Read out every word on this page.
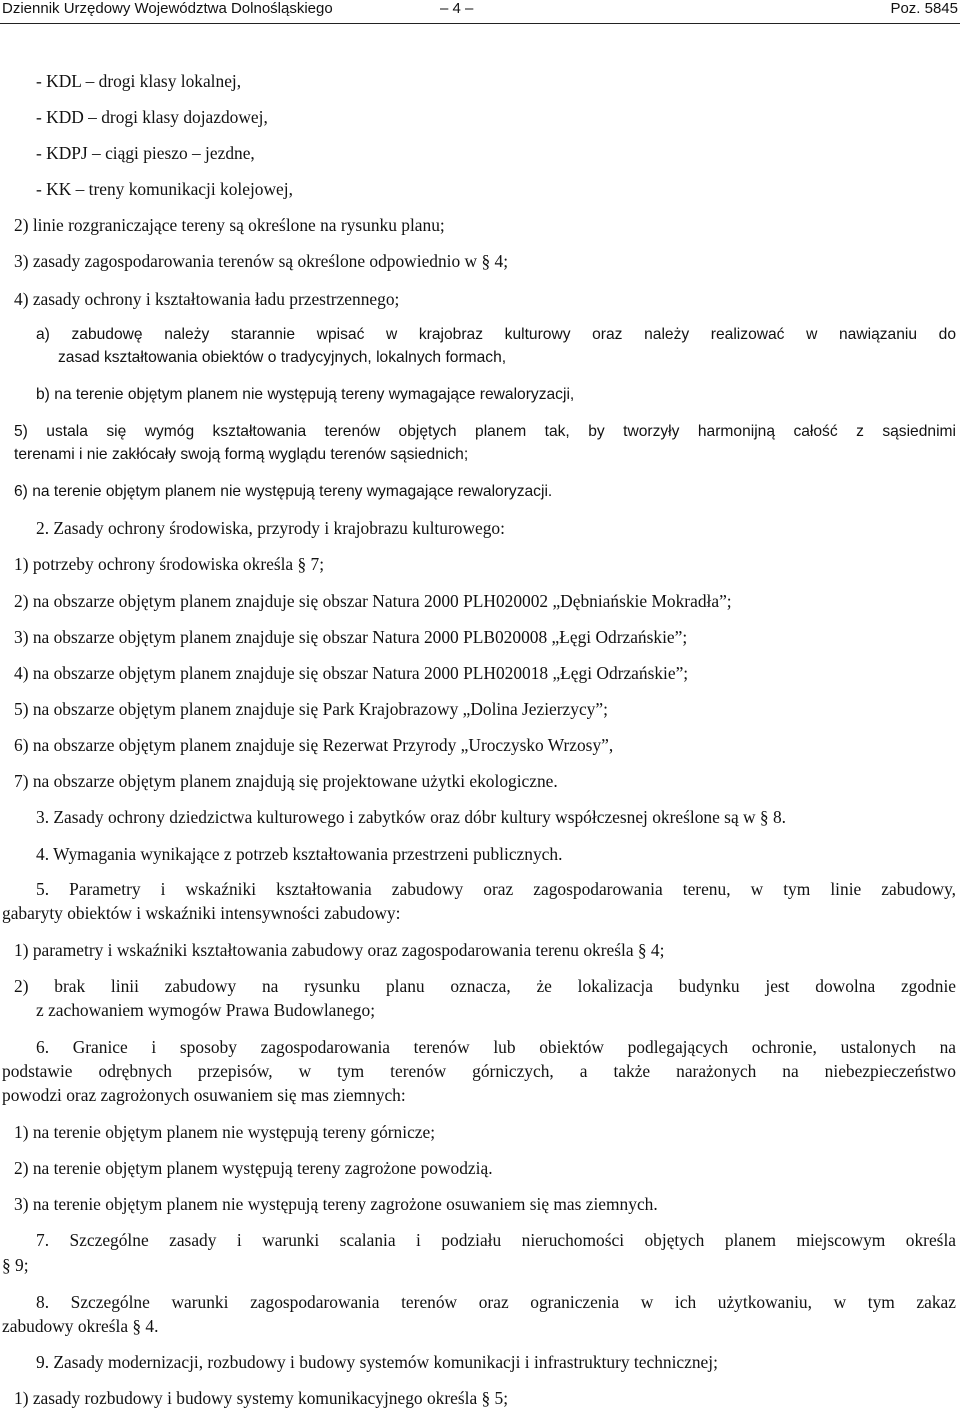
Dziennik Urzędowy Województwa Dolnośląskiego	– 4 –	Poz. 5845
- KDL – drogi klasy lokalnej,
- KDD – drogi klasy dojazdowej,
- KDPJ – ciągi pieszo – jezdne,
- KK – treny komunikacji kolejowej,
2) linie rozgraniczające tereny są określone na rysunku planu;
3) zasady zagospodarowania terenów są określone odpowiednio w § 4;
4) zasady ochrony i kształtowania ładu przestrzennego;
a) zabudowę należy starannie wpisać w krajobraz kulturowy oraz należy realizować w nawiązaniu do
zasad kształtowania obiektów o tradycyjnych, lokalnych formach,
b) na terenie objętym planem nie występują tereny wymagające rewaloryzacji,
5) ustala się wymóg kształtowania terenów objętych planem tak, by tworzyły harmonijną całość z sąsiednimi
terenami i nie zakłócały swoją formą wyglądu terenów sąsiednich;
6) na terenie objętym planem nie występują tereny wymagające rewaloryzacji.
2. Zasady ochrony środowiska, przyrody i krajobrazu kulturowego:
1) potrzeby ochrony środowiska określa § 7;
2) na obszarze objętym planem znajduje się obszar Natura 2000 PLH020002 „Dębniańskie Mokradła”;
3) na obszarze objętym planem znajduje się obszar Natura 2000 PLB020008 „Łęgi Odrzańskie”;
4) na obszarze objętym planem znajduje się obszar Natura 2000 PLH020018 „Łęgi Odrzańskie”;
5) na obszarze objętym planem znajduje się Park Krajobrazowy „Dolina Jezierzycy”;
6) na obszarze objętym planem znajduje się Rezerwat Przyrody „Uroczysko Wrzosy”,
7) na obszarze objętym planem znajdują się projektowane użytki ekologiczne.
3. Zasady ochrony dziedzictwa kulturowego i zabytków oraz dóbr kultury współczesnej określone są w § 8.
4. Wymagania wynikające z potrzeb kształtowania przestrzeni publicznych.
5. Parametry i wskaźniki kształtowania zabudowy oraz zagospodarowania terenu, w tym linie zabudowy,
gabaryty obiektów i wskaźniki intensywności zabudowy:
1) parametry i wskaźniki kształtowania zabudowy oraz zagospodarowania terenu określa § 4;
2) brak linii zabudowy na rysunku planu oznacza, że lokalizacja budynku jest dowolna zgodnie
z zachowaniem wymogów Prawa Budowlanego;
6. Granice i sposoby zagospodarowania terenów lub obiektów podlegających ochronie, ustalonych na
podstawie odrębnych przepisów, w tym terenów górniczych, a także narażonych na niebezpieczeństwo
powodzi oraz zagrożonych osuwaniem się mas ziemnych:
1) na terenie objętym planem nie występują tereny górnicze;
2) na terenie objętym planem występują tereny zagrożone powodzią.
3) na terenie objętym planem nie występują tereny zagrożone osuwaniem się mas ziemnych.
7. Szczególne zasady i warunki scalania i podziału nieruchomości objętych planem miejscowym określa
§ 9;
8. Szczególne warunki zagospodarowania terenów oraz ograniczenia w ich użytkowaniu, w tym zakaz
zabudowy określa § 4.
9. Zasady modernizacji, rozbudowy i budowy systemów komunikacji i infrastruktury technicznej;
1) zasady rozbudowy i budowy systemy komunikacyjnego określa § 5;
